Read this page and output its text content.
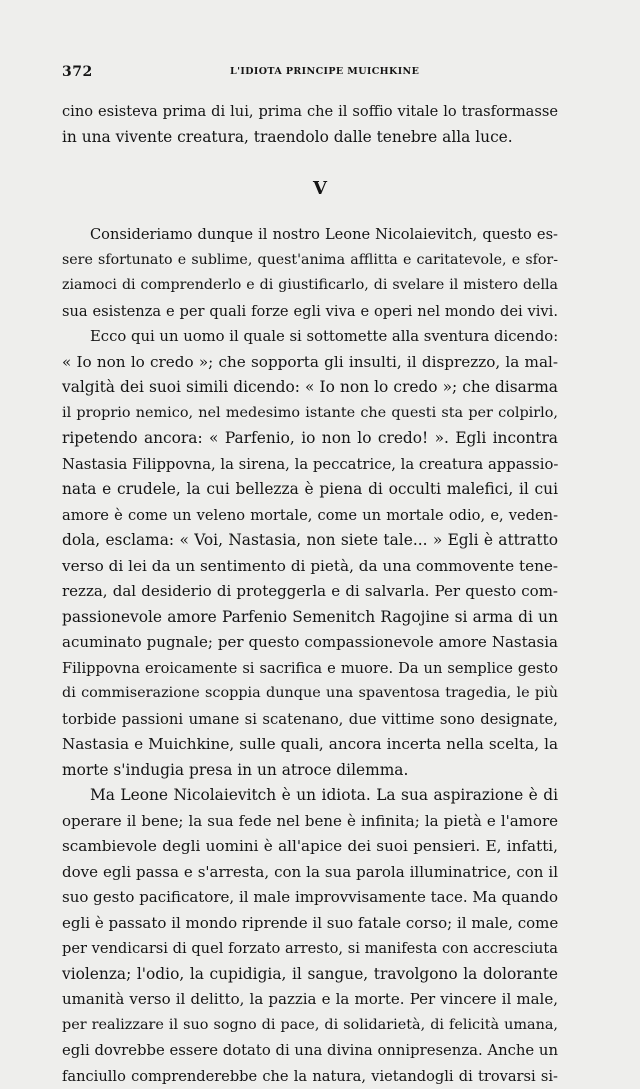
372	L'IDIOTA PRINCIPE MUICHKINE
cino esisteva prima di lui, prima che il soffio vitale lo trasformasse
in una vivente creatura, traendolo dalle tenebre alla luce.
V
Consideriamo dunque il nostro Leone Nicolaievitch, questo es-
sere sfortunato e sublime, quest'anima afflitta e caritatevole, e sfor-
ziamoci di comprenderlo e di giustificarlo, di svelare il mistero della
sua esistenza e per quali forze egli viva e operi nel mondo dei vivi.
Ecco qui un uomo il quale si sottomette alla sventura dicendo:
« Io non lo credo »; che sopporta gli insulti, il disprezzo, la mal-
valgità dei suoi simili dicendo: « Io non lo credo »; che disarma
il proprio nemico, nel medesimo istante che questi sta per colpirlo,
ripetendo ancora: « Parfenio, io non lo credo! ». Egli incontra
Nastasia Filippovna, la sirena, la peccatrice, la creatura appassio-
nata e crudele, la cui bellezza è piena di occulti malefici, il cui
amore è come un veleno mortale, come un mortale odio, e, veden-
dola, esclama: « Voi, Nastasia, non siete tale... » Egli è attratto
verso di lei da un sentimento di pietà, da una commovente tene-
rezza, dal desiderio di proteggerla e di salvarla. Per questo com-
passionevole amore Parfenio Semenitch Ragojine si arma di un
acuminato pugnale; per questo compassionevole amore Nastasia
Filippovna eroicamente si sacrifica e muore. Da un semplice gesto
di commiserazione scoppia dunque una spaventosa tragedia, le più
torbide passioni umane si scatenano, due vittime sono designate,
Nastasia e Muichkine, sulle quali, ancora incerta nella scelta, la
morte s'indugia presa in un atroce dilemma.
Ma Leone Nicolaievitch è un idiota. La sua aspirazione è di
operare il bene; la sua fede nel bene è infinita; la pietà e l'amore
scambievole degli uomini è all'apice dei suoi pensieri. E, infatti,
dove egli passa e s'arresta, con la sua parola illuminatrice, con il
suo gesto pacificatore, il male improvvisamente tace. Ma quando
egli è passato il mondo riprende il suo fatale corso; il male, come
per vendicarsi di quel forzato arresto, si manifesta con accresciuta
violenza; l'odio, la cupidigia, il sangue, travolgono la dolorante
umanità verso il delitto, la pazzia e la morte. Per vincere il male,
per realizzare il suo sogno di pace, di solidarietà, di felicità umana,
egli dovrebbe essere dotato di una divina onnipresenza. Anche un
fanciullo comprenderebbe che la natura, vietandogli di trovarsi si-
